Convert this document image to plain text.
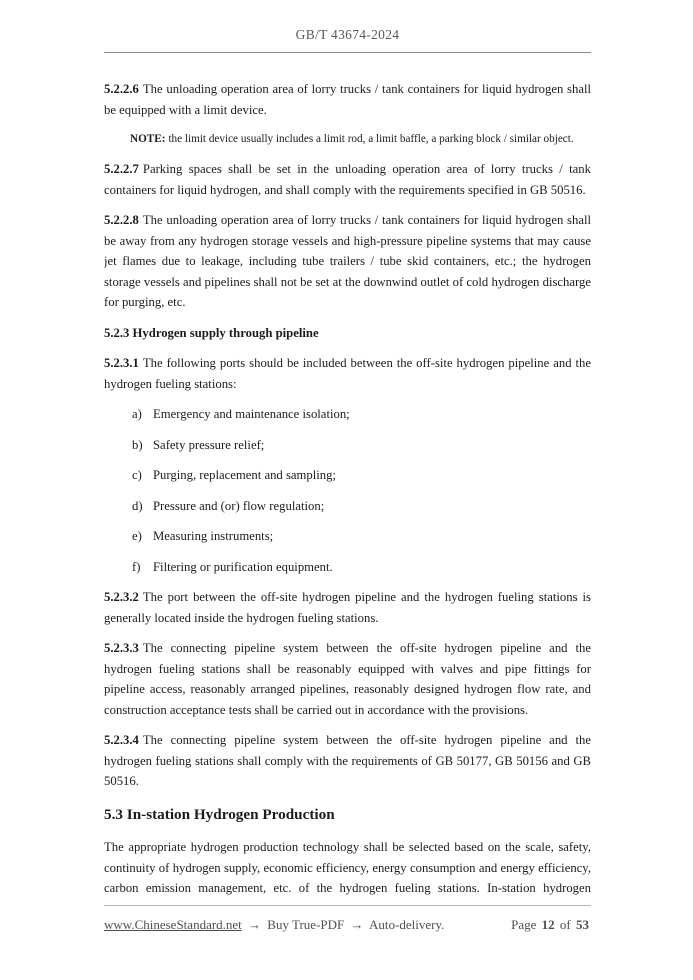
GB/T 43674-2024

5.2.2.6 The unloading operation area of lorry trucks / tank containers for liquid hydrogen shall be equipped with a limit device.

NOTE: the limit device usually includes a limit rod, a limit baffle, a parking block / similar object.

5.2.2.7 Parking spaces shall be set in the unloading operation area of lorry trucks / tank containers for liquid hydrogen, and shall comply with the requirements specified in GB 50516.

5.2.2.8 The unloading operation area of lorry trucks / tank containers for liquid hydrogen shall be away from any hydrogen storage vessels and high-pressure pipeline systems that may cause jet flames due to leakage, including tube trailers / tube skid containers, etc.; the hydrogen storage vessels and pipelines shall not be set at the downwind outlet of cold hydrogen discharge for purging, etc.

5.2.3 Hydrogen supply through pipeline

5.2.3.1 The following ports should be included between the off-site hydrogen pipeline and the hydrogen fueling stations:

a) Emergency and maintenance isolation;
b) Safety pressure relief;
c) Purging, replacement and sampling;
d) Pressure and (or) flow regulation;
e) Measuring instruments;
f) Filtering or purification equipment.

5.2.3.2 The port between the off-site hydrogen pipeline and the hydrogen fueling stations is generally located inside the hydrogen fueling stations.

5.2.3.3 The connecting pipeline system between the off-site hydrogen pipeline and the hydrogen fueling stations shall be reasonably equipped with valves and pipe fittings for pipeline access, reasonably arranged pipelines, reasonably designed hydrogen flow rate, and construction acceptance tests shall be carried out in accordance with the provisions.

5.2.3.4 The connecting pipeline system between the off-site hydrogen pipeline and the hydrogen fueling stations shall comply with the requirements of GB 50177, GB 50156 and GB 50516.

5.3 In-station Hydrogen Production

The appropriate hydrogen production technology shall be selected based on the scale, safety, continuity of hydrogen supply, economic efficiency, energy consumption and energy efficiency, carbon emission management, etc. of the hydrogen fueling stations. In-station hydrogen

www.ChineseStandard.net → Buy True-PDF → Auto-delivery.	Page 12 of 53
